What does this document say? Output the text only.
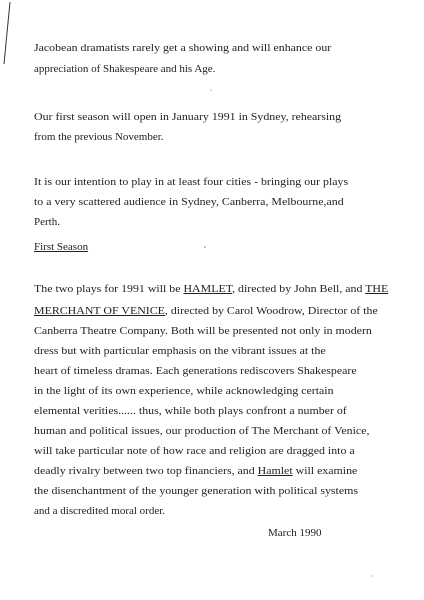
Jacobean dramatists rarely get a showing and will enhance our
appreciation of Shakespeare and his Age.
Our first season will open in January 1991 in Sydney, rehearsing
from the previous November.
It is our intention to play in at least four cities - bringing our plays
to a very scattered audience in Sydney, Canberra, Melbourne,and
Perth.
First Season
The two plays for 1991 will be HAMLET, directed by John Bell, and THE
MERCHANT OF VENICE, directed by Carol Woodrow, Director of the
Canberra Theatre Company. Both will be presented not only in modern
dress but with particular emphasis on the vibrant issues at the
heart of timeless dramas. Each generations rediscovers Shakespeare
in the light of its own experience, while acknowledging certain
elemental verities...... thus, while both plays confront a number of
human and political issues, our production of The Merchant of Venice,
will take particular note of how race and religion are dragged into a
deadly rivalry between two top financiers, and Hamlet will examine
the disenchantment of the younger generation with political systems
and a discredited moral order.
March 1990
